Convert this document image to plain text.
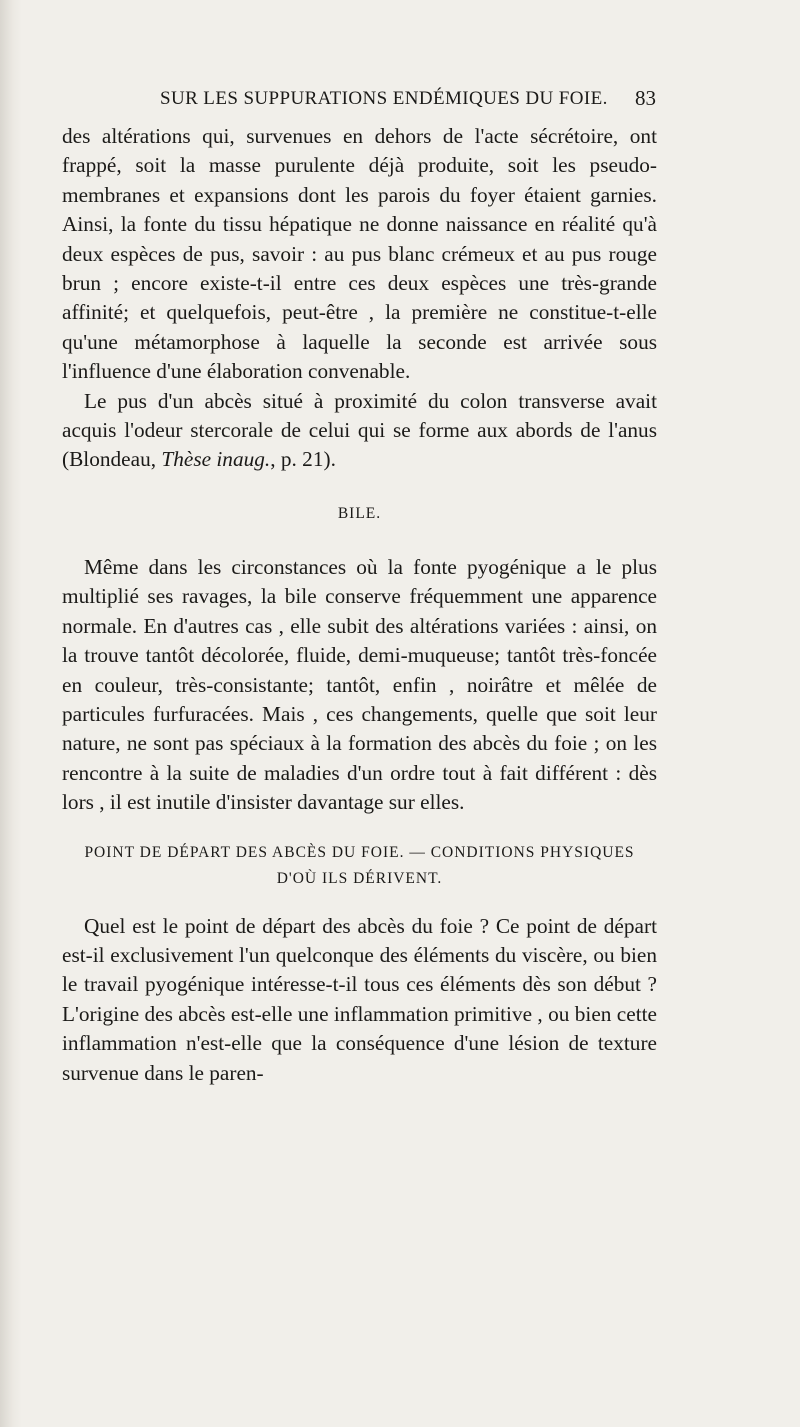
SUR LES SUPPURATIONS ENDÉMIQUES DU FOIE.	83

des altérations qui, survenues en dehors de l'acte sécrétoire, ont frappé, soit la masse purulente déjà produite, soit les pseudo-membranes et expansions dont les parois du foyer étaient garnies. Ainsi, la fonte du tissu hépatique ne donne naissance en réalité qu'à deux espèces de pus, savoir : au pus blanc crémeux et au pus rouge brun ; encore existe-t-il entre ces deux espèces une très-grande affinité; et quelquefois, peut-être , la première ne constitue-t-elle qu'une métamorphose à laquelle la seconde est arrivée sous l'influence d'une élaboration convenable.

Le pus d'un abcès situé à proximité du colon transverse avait acquis l'odeur stercorale de celui qui se forme aux abords de l'anus (Blondeau, Thèse inaug., p. 21).

BILE.

Même dans les circonstances où la fonte pyogénique a le plus multiplié ses ravages, la bile conserve fréquemment une apparence normale. En d'autres cas , elle subit des altérations variées : ainsi, on la trouve tantôt décolorée, fluide, demi-muqueuse; tantôt très-foncée en couleur, très-consistante; tantôt, enfin , noirâtre et mêlée de particules furfuracées. Mais , ces changements, quelle que soit leur nature, ne sont pas spéciaux à la formation des abcès du foie ; on les rencontre à la suite de maladies d'un ordre tout à fait différent : dès lors , il est inutile d'insister davantage sur elles.

POINT DE DÉPART DES ABCÈS DU FOIE. — CONDITIONS PHYSIQUES
D'OÙ ILS DÉRIVENT.

Quel est le point de départ des abcès du foie ? Ce point de départ est-il exclusivement l'un quelconque des éléments du viscère, ou bien le travail pyogénique intéresse-t-il tous ces éléments dès son début ? L'origine des abcès est-elle une inflammation primitive , ou bien cette inflammation n'est-elle que la conséquence d'une lésion de texture survenue dans le paren-
